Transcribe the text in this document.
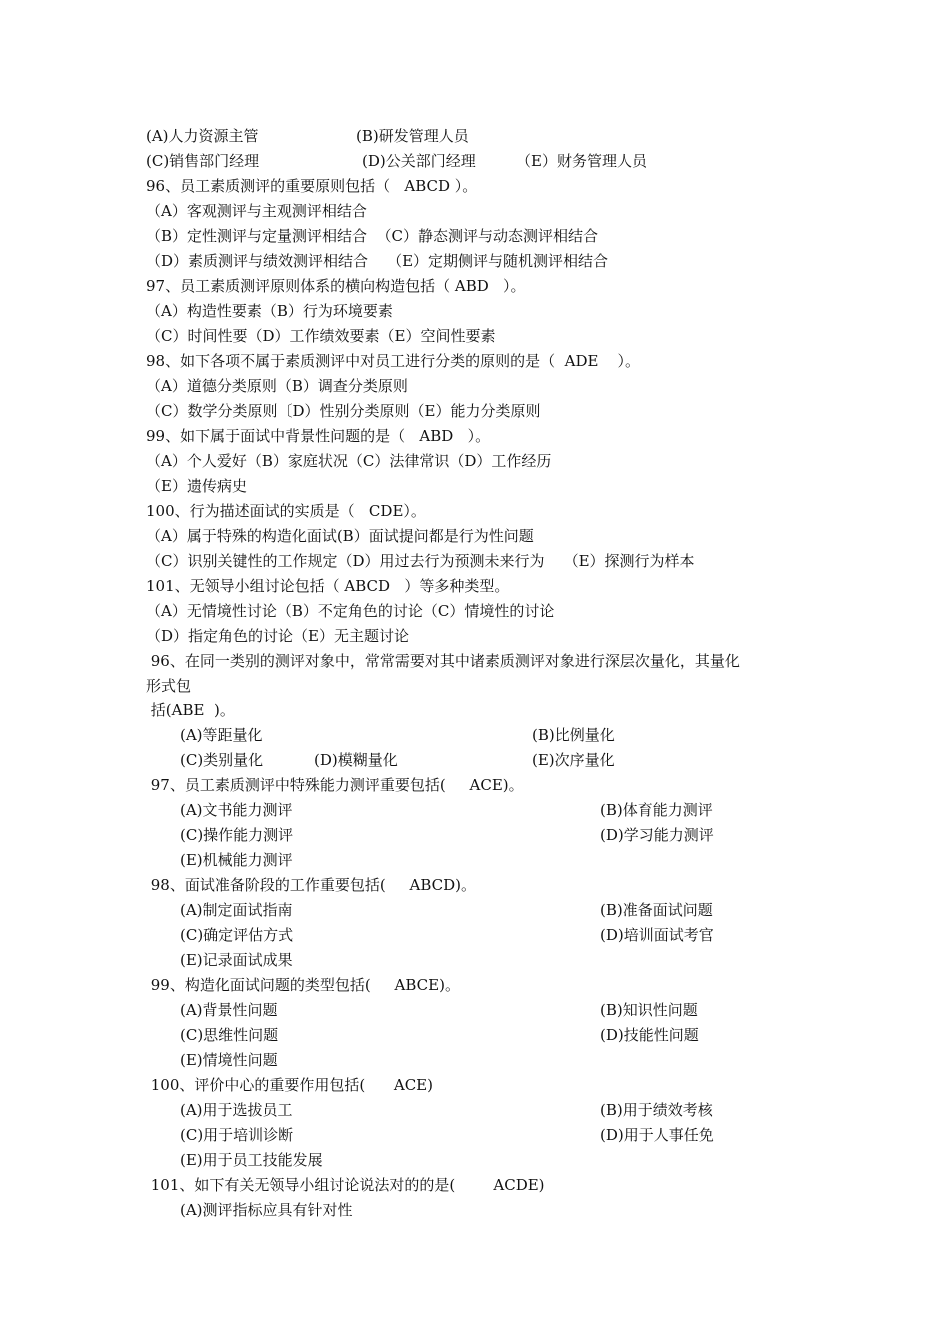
(A)人力资源主管	(B)研发管理人员
(C)销售部门经理	(D)公关部门经理	（E）财务管理人员
96、员工素质测评的重要原则包括（   ABCD ）。
（A）客观测评与主观测评相结合
（B）定性测评与定量测评相结合  （C）静态测评与动态测评相结合
（D）素质测评与绩效测评相结合    （E）定期侧评与随机测评相结合
97、员工素质测评原则体系的横向构造包括（ ABD   ）。
（A）构造性要素（B）行为环境要素
（C）时间性要（D）工作绩效要素（E）空间性要素
98、如下各项不属于素质测评中对员工进行分类的原则的是（  ADE    ）。
（A）道德分类原则（B）调查分类原则
（C）数学分类原则〔D）性别分类原则（E）能力分类原则
99、如下属于面试中背景性问题的是（   ABD   ）。
（A）个人爱好（B）家庭状况（C）法律常识（D）工作经历
（E）遗传病史
100、行为描述面试的实质是（   CDE）。
（A）属于特殊的构造化面试(B）面试提问都是行为性问题
（C）识别关键性的工作规定（D）用过去行为预测未来行为    （E）探测行为样本
101、无领导小组讨论包括（ ABCD   ）等多种类型。
（A）无情境性讨论（B）不定角色的讨论（C）情境性的讨论
（D）指定角色的讨论（E）无主题讨论
96、在同一类别的测评对象中，常常需要对其中诸素质测评对象进行深层次量化，其量化
形式包
括(ABE  )。
(A)等距量化	(B)比例量化
(C)类别量化	(D)模糊量化	(E)次序量化
97、员工素质测评中特殊能力测评重要包括(     ACE)。
(A)文书能力测评	(B)体育能力测评
(C)操作能力测评	(D)学习能力测评
(E)机械能力测评
98、面试准备阶段的工作重要包括(     ABCD)。
(A)制定面试指南	(B)准备面试问题
(C)确定评估方式	(D)培训面试考官
(E)记录面试成果
99、构造化面试问题的类型包括(     ABCE)。
(A)背景性问题	(B)知识性问题
(C)思维性问题	(D)技能性问题
(E)情境性问题
100、评价中心的重要作用包括(      ACE)
(A)用于选拔员工	(B)用于绩效考核
(C)用于培训诊断	(D)用于人事任免
(E)用于员工技能发展
101、如下有关无领导小组讨论说法对的的是(        ACDE)
(A)测评指标应具有针对性
